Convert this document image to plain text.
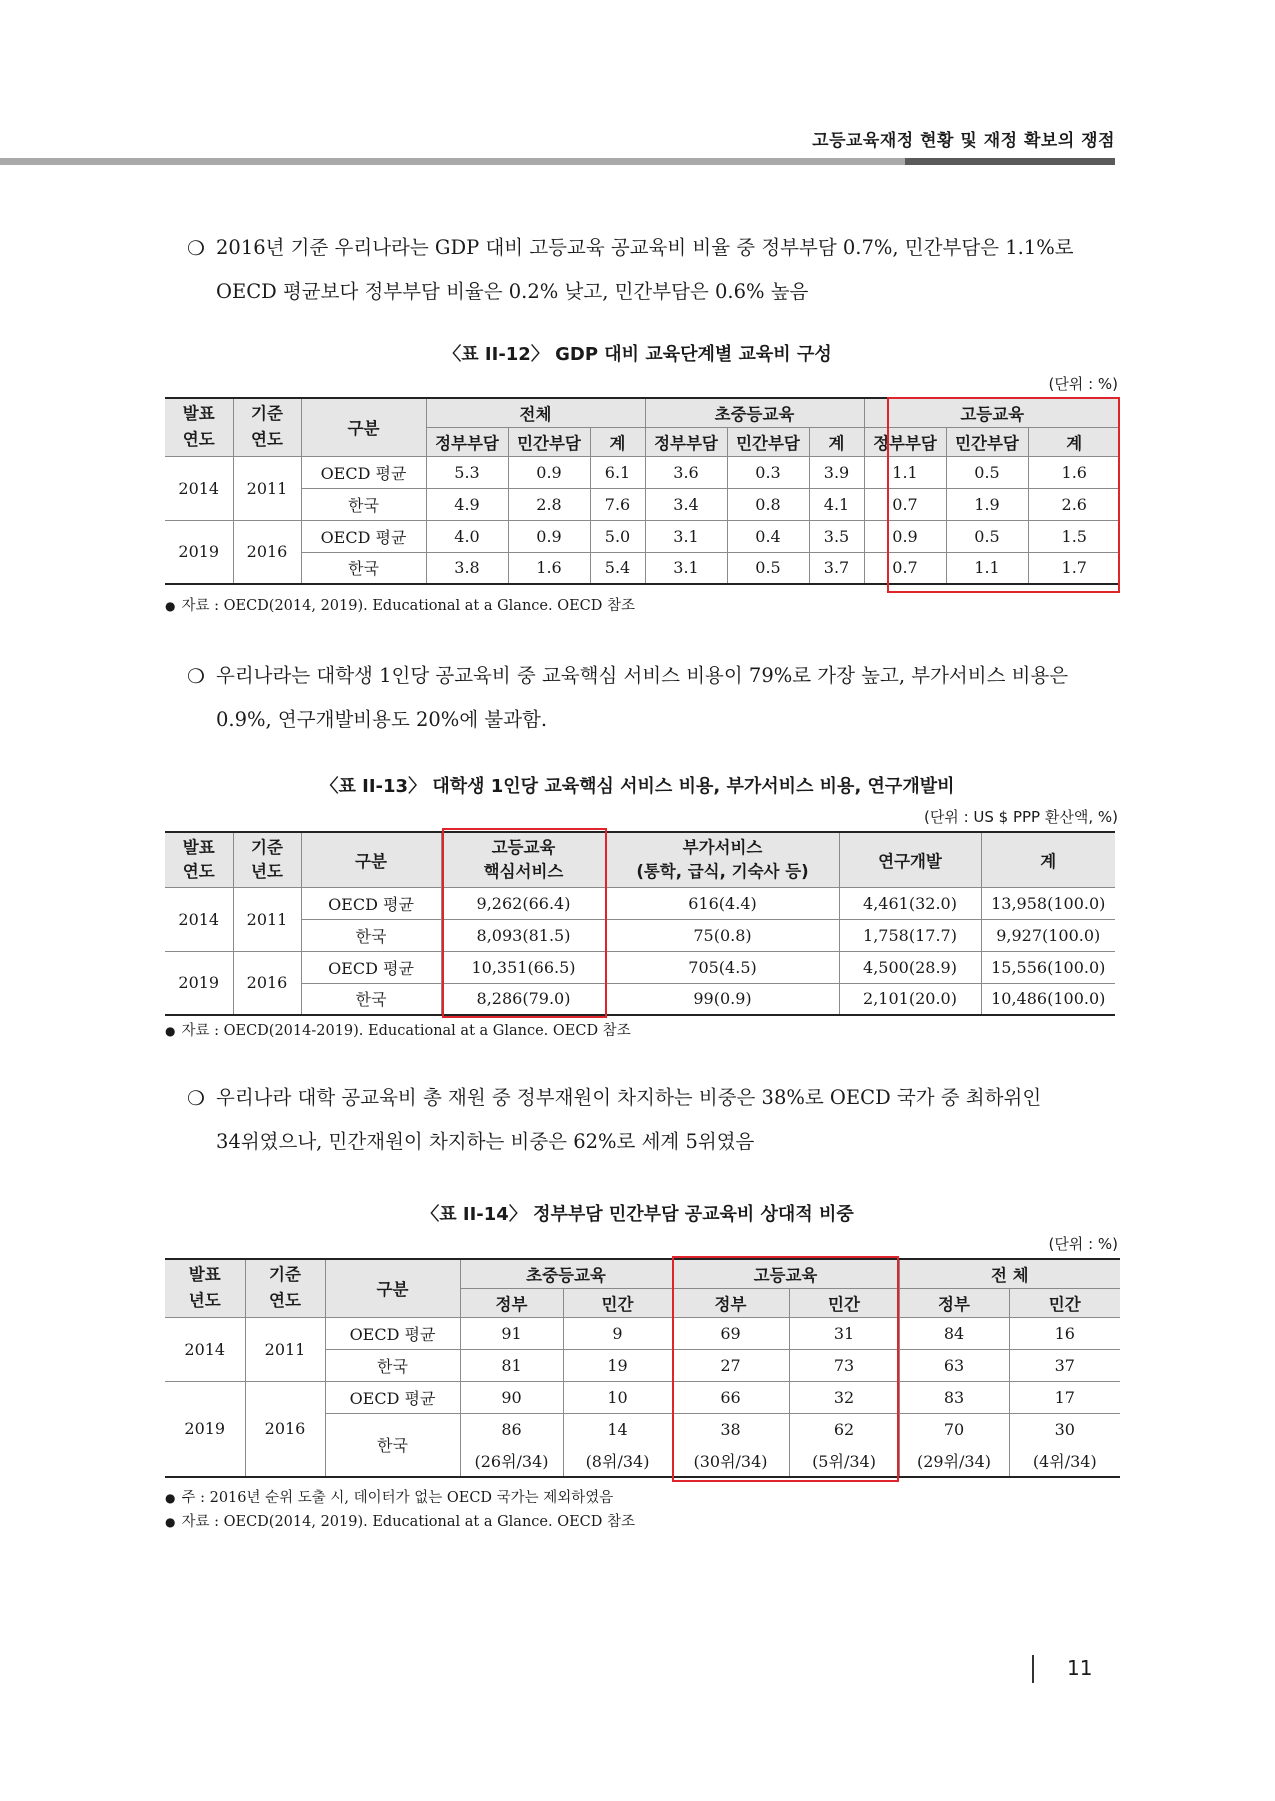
고등교육재정 현황 및 재정 확보의 쟁점
❍ 2016년 기준 우리나라는 GDP 대비 고등교육 공교육비 비율 중 정부부담 0.7%, 민간부담은 1.1%로
OECD 평균보다 정부부담 비율은 0.2% 낮고, 민간부담은 0.6% 높음
〈표 II-12〉 GDP 대비 교육단계별 교육비 구성
(단위 : %)
발표
연도	기준
연도	구분	전체			초중등교육			고등교육		
			정부부담	민간부담	계	정부부담	민간부담	계	정부부담	민간부담	계
2014	2011	OECD 평균	5.3	0.9	6.1	3.6	0.3	3.9	1.1	0.5	1.6
		한국	4.9	2.8	7.6	3.4	0.8	4.1	0.7	1.9	2.6
2019	2016	OECD 평균	4.0	0.9	5.0	3.1	0.4	3.5	0.9	0.5	1.5
		한국	3.8	1.6	5.4	3.1	0.5	3.7	0.7	1.1	1.7
● 자료 : OECD(2014, 2019). Educational at a Glance. OECD 참조
❍ 우리나라는 대학생 1인당 공교육비 중 교육핵심 서비스 비용이 79%로 가장 높고, 부가서비스 비용은
0.9%, 연구개발비용도 20%에 불과함.
〈표 II-13〉 대학생 1인당 교육핵심 서비스 비용, 부가서비스 비용, 연구개발비
(단위 : US $ PPP 환산액, %)
발표
연도	기준
년도	구분	고등교육
핵심서비스	부가서비스
(통학, 급식, 기숙사 등)	연구개발	계
2014	2011	OECD 평균	9,262(66.4)	616(4.4)	4,461(32.0)	13,958(100.0)
		한국	8,093(81.5)	75(0.8)	1,758(17.7)	9,927(100.0)
2019	2016	OECD 평균	10,351(66.5)	705(4.5)	4,500(28.9)	15,556(100.0)
		한국	8,286(79.0)	99(0.9)	2,101(20.0)	10,486(100.0)
● 자료 : OECD(2014-2019). Educational at a Glance. OECD 참조
❍ 우리나라 대학 공교육비 총 재원 중 정부재원이 차지하는 비중은 38%로 OECD 국가 중 최하위인
34위였으나, 민간재원이 차지하는 비중은 62%로 세계 5위였음
〈표 II-14〉 정부부담 민간부담 공교육비 상대적 비중
(단위 : %)
발표
년도	기준
연도	구분	초중등교육		고등교육		전 체	
			정부	민간	정부	민간	정부	민간
2014	2011	OECD 평균	91	9	69	31	84	16
		한국	81	19	27	73	63	37
2019	2016	OECD 평균	90	10	66	32	83	17
		한국	86	14	38	62	70	30
			(26위/34)	(8위/34)	(30위/34)	(5위/34)	(29위/34)	(4위/34)
● 주 : 2016년 순위 도출 시, 데이터가 없는 OECD 국가는 제외하였음
● 자료 : OECD(2014, 2019). Educational at a Glance. OECD 참조
11
